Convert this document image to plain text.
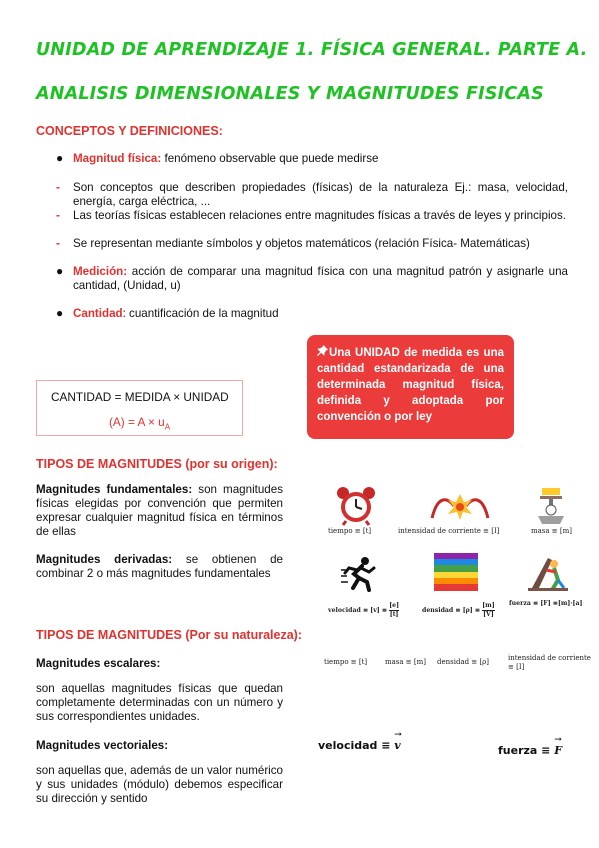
UNIDAD DE APRENDIZAJE 1. FÍSICA GENERAL. PARTE A.
ANALISIS DIMENSIONALES Y MAGNITUDES FISICAS
CONCEPTOS Y DEFINICIONES:
● Magnitud física: fenómeno observable que puede medirse
- Son conceptos que describen propiedades (físicas) de la naturaleza Ej.: masa, velocidad, energía, carga eléctrica, ...
- Las teorías físicas establecen relaciones entre magnitudes físicas a través de leyes y principios.
- Se representan mediante símbolos y objetos matemáticos (relación Física- Matemáticas)
● Medición: acción de comparar una magnitud física con una magnitud patrón y asignarle una cantidad, (Unidad, u)
● Cantidad: cuantificación de la magnitud
CANTIDAD = MEDIDA × UNIDAD
$(A) = A \times u_A$
Una UNIDAD de medida es una cantidad estandarizada de una determinada magnitud física, definida y adoptada por convención o por ley
TIPOS DE MAGNITUDES (por su origen):
Magnitudes fundamentales: son magnitudes físicas elegidas por convención que permiten expresar cualquier magnitud física en términos de ellas
Magnitudes derivadas: se obtienen de combinar 2 o más magnitudes fundamentales
tiempo ≡ [t]	intensidad de corriente ≡ [I]	masa ≡ [m]
velocidad ≡ $[v] \equiv \frac{[e]}{[t]}$	densidad ≡ $[\rho] \equiv \frac{[m]}{[V]}$ fuerza ≡ [F] ≡[m]·[a]
TIPOS DE MAGNITUDES (Por su naturaleza):
Magnitudes escalares:
son aquellas magnitudes físicas que quedan completamente determinadas con un número y sus correspondientes unidades.
tiempo ≡ [t]	masa ≡ [m] densidad ≡ [ρ]	intensidad de corriente
≡ [I]
Magnitudes vectoriales:
son aquellas que, además de un valor numérico y sus unidades (módulo) debemos especificar su dirección y sentido
velocidad ≡
→
v	fuerza ≡
→
F
